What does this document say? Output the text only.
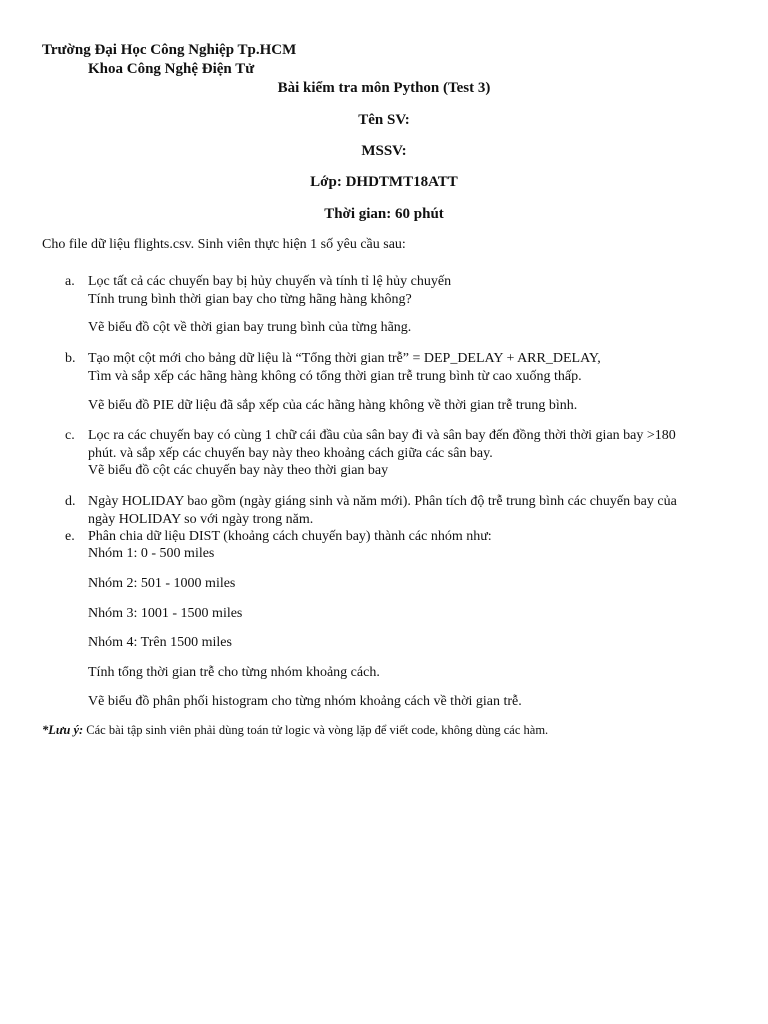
Trường Đại Học Công Nghiệp Tp.HCM
Khoa Công Nghệ Điện Tử
Bài kiểm tra môn Python (Test 3)
Tên SV:
MSSV:
Lớp: DHDTMT18ATT
Thời gian: 60 phút
Cho file dữ liệu flights.csv. Sinh viên thực hiện 1 số yêu cầu sau:
a. Lọc tất cả các chuyến bay bị hủy chuyến và tính tỉ lệ hủy chuyến
Tính trung bình thời gian bay cho từng hãng hàng không?
Vẽ biểu đồ cột về thời gian bay trung bình của từng hãng.
b. Tạo một cột mới cho bảng dữ liệu là “Tổng thời gian trễ” = DEP_DELAY + ARR_DELAY,
Tìm và sắp xếp các hãng hàng không có tổng thời gian trễ trung bình từ cao xuống thấp.
Vẽ biểu đồ PIE dữ liệu đã sắp xếp của các hãng hàng không về thời gian trễ trung bình.
c. Lọc ra các chuyến bay có cùng 1 chữ cái đầu của sân bay đi và sân bay đến đồng thời thời gian bay >180
phút. và sắp xếp các chuyến bay này theo khoảng cách giữa các sân bay.
Vẽ biểu đồ cột các chuyến bay này theo thời gian bay
d. Ngày HOLIDAY bao gồm (ngày giáng sinh và năm mới). Phân tích độ trễ trung bình các chuyến bay của
ngày HOLIDAY so với ngày trong năm.
e. Phân chia dữ liệu DIST (khoảng cách chuyến bay) thành các nhóm như:
Nhóm 1: 0 - 500 miles
Nhóm 2: 501 - 1000 miles
Nhóm 3: 1001 - 1500 miles
Nhóm 4: Trên 1500 miles
Tính tổng thời gian trễ cho từng nhóm khoảng cách.
Vẽ biểu đồ phân phối histogram cho từng nhóm khoảng cách về thời gian trễ.
*Lưu ý: Các bài tập sinh viên phải dùng toán tử logic và vòng lặp để viết code, không dùng các hàm.
